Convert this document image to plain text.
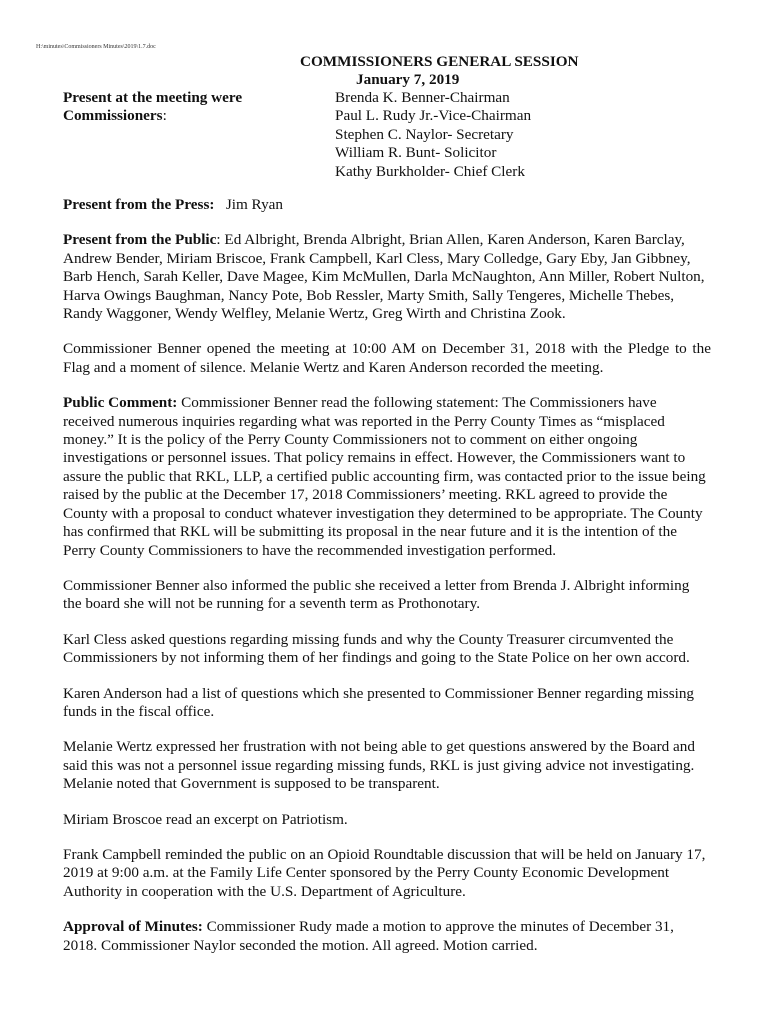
H:\minutes\Commissioners Minutes\2019\1.7.doc
COMMISSIONERS GENERAL SESSION
January 7, 2019
Present at the meeting were
Commissioners:
Brenda K. Benner-Chairman
Paul L. Rudy Jr.-Vice-Chairman
Stephen C. Naylor- Secretary
William R. Bunt- Solicitor
Kathy Burkholder- Chief Clerk

Present from the Press: Jim Ryan

Present from the Public: Ed Albright, Brenda Albright, Brian Allen, Karen Anderson, Karen Barclay, Andrew Bender, Miriam Briscoe, Frank Campbell, Karl Cless, Mary Colledge, Gary Eby, Jan Gibbney, Barb Hench, Sarah Keller, Dave Magee, Kim McMullen, Darla McNaughton, Ann Miller, Robert Nulton, Harva Owings Baughman, Nancy Pote, Bob Ressler, Marty Smith, Sally Tengeres, Michelle Thebes, Randy Waggoner, Wendy Welfley, Melanie Wertz, Greg Wirth and Christina Zook.

Commissioner Benner opened the meeting at 10:00 AM on December 31, 2018 with the Pledge to the Flag and a moment of silence. Melanie Wertz and Karen Anderson recorded the meeting.

Public Comment: Commissioner Benner read the following statement: The Commissioners have received numerous inquiries regarding what was reported in the Perry County Times as “misplaced money.” It is the policy of the Perry County Commissioners not to comment on either ongoing investigations or personnel issues. That policy remains in effect. However, the Commissioners want to assure the public that RKL, LLP, a certified public accounting firm, was contacted prior to the issue being raised by the public at the December 17, 2018 Commissioners’ meeting. RKL agreed to provide the County with a proposal to conduct whatever investigation they determined to be appropriate. The County has confirmed that RKL will be submitting its proposal in the near future and it is the intention of the Perry County Commissioners to have the recommended investigation performed.

Commissioner Benner also informed the public she received a letter from Brenda J. Albright informing the board she will not be running for a seventh term as Prothonotary.

Karl Cless asked questions regarding missing funds and why the County Treasurer circumvented the Commissioners by not informing them of her findings and going to the State Police on her own accord.

Karen Anderson had a list of questions which she presented to Commissioner Benner regarding missing funds in the fiscal office.

Melanie Wertz expressed her frustration with not being able to get questions answered by the Board and said this was not a personnel issue regarding missing funds, RKL is just giving advice not investigating. Melanie noted that Government is supposed to be transparent.

Miriam Broscoe read an excerpt on Patriotism.

Frank Campbell reminded the public on an Opioid Roundtable discussion that will be held on January 17, 2019 at 9:00 a.m. at the Family Life Center sponsored by the Perry County Economic Development Authority in cooperation with the U.S. Department of Agriculture.

Approval of Minutes: Commissioner Rudy made a motion to approve the minutes of December 31, 2018. Commissioner Naylor seconded the motion. All agreed. Motion carried.
